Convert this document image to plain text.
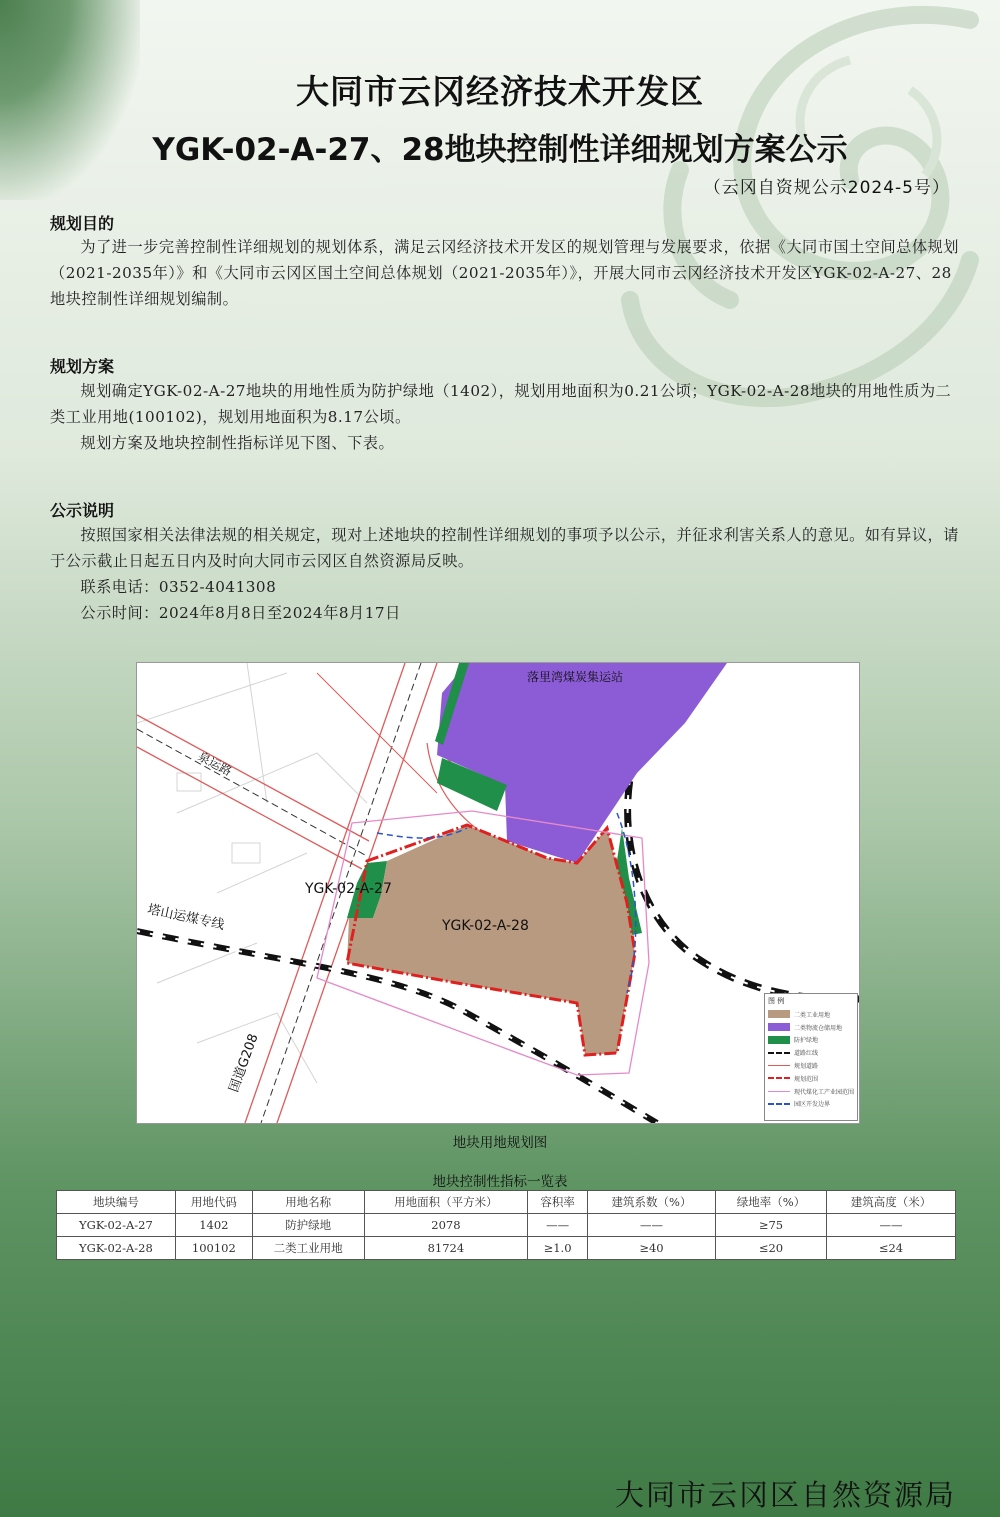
大同市云冈经济技术开发区
YGK-02-A-27、28地块控制性详细规划方案公示
（云冈自资规公示2024-5号）
规划目的

为了进一步完善控制性详细规划的规划体系，满足云冈经济技术开发区的规划管理与发展要求，依据《大同市国土空间总体规划（2021-2035年）》和《大同市云冈区国土空间总体规划（2021-2035年）》，开展大同市云冈经济技术开发区YGK-02-A-27、28地块控制性详细规划编制。

规划方案

规划确定YGK-02-A-27地块的用地性质为防护绿地（1402），规划用地面积为0.21公顷；YGK-02-A-28地块的用地性质为二类工业用地(100102)，规划用地面积为8.17公顷。

规划方案及地块控制性指标详见下图、下表。

公示说明

按照国家相关法律法规的相关规定，现对上述地块的控制性详细规划的事项予以公示，并征求利害关系人的意见。如有异议，请于公示截止日起五日内及时向大同市云冈区自然资源局反映。

联系电话：0352-4041308

公示时间：2024年8月8日至2024年8月17日

落里湾煤炭集运站
泉运路
塔山运煤专线
国道G208
YGK-02-A-27
YGK-02-A-28
图 例
二类工业用地
二类物流仓储用地
防护绿地
道路红线
规划道路
规划范围
现代煤化工产业园范围
园区开发边界
地块用地规划图
地块控制性指标一览表
地块编号	用地代码	用地名称	用地面积（平方米）	容积率	建筑系数（%）	绿地率（%）	建筑高度（米）
YGK-02-A-27	1402	防护绿地	2078	——	——	≥75	——
YGK-02-A-28	100102	二类工业用地	81724	≥1.0	≥40	≤20	≤24
大同市云冈区自然资源局
